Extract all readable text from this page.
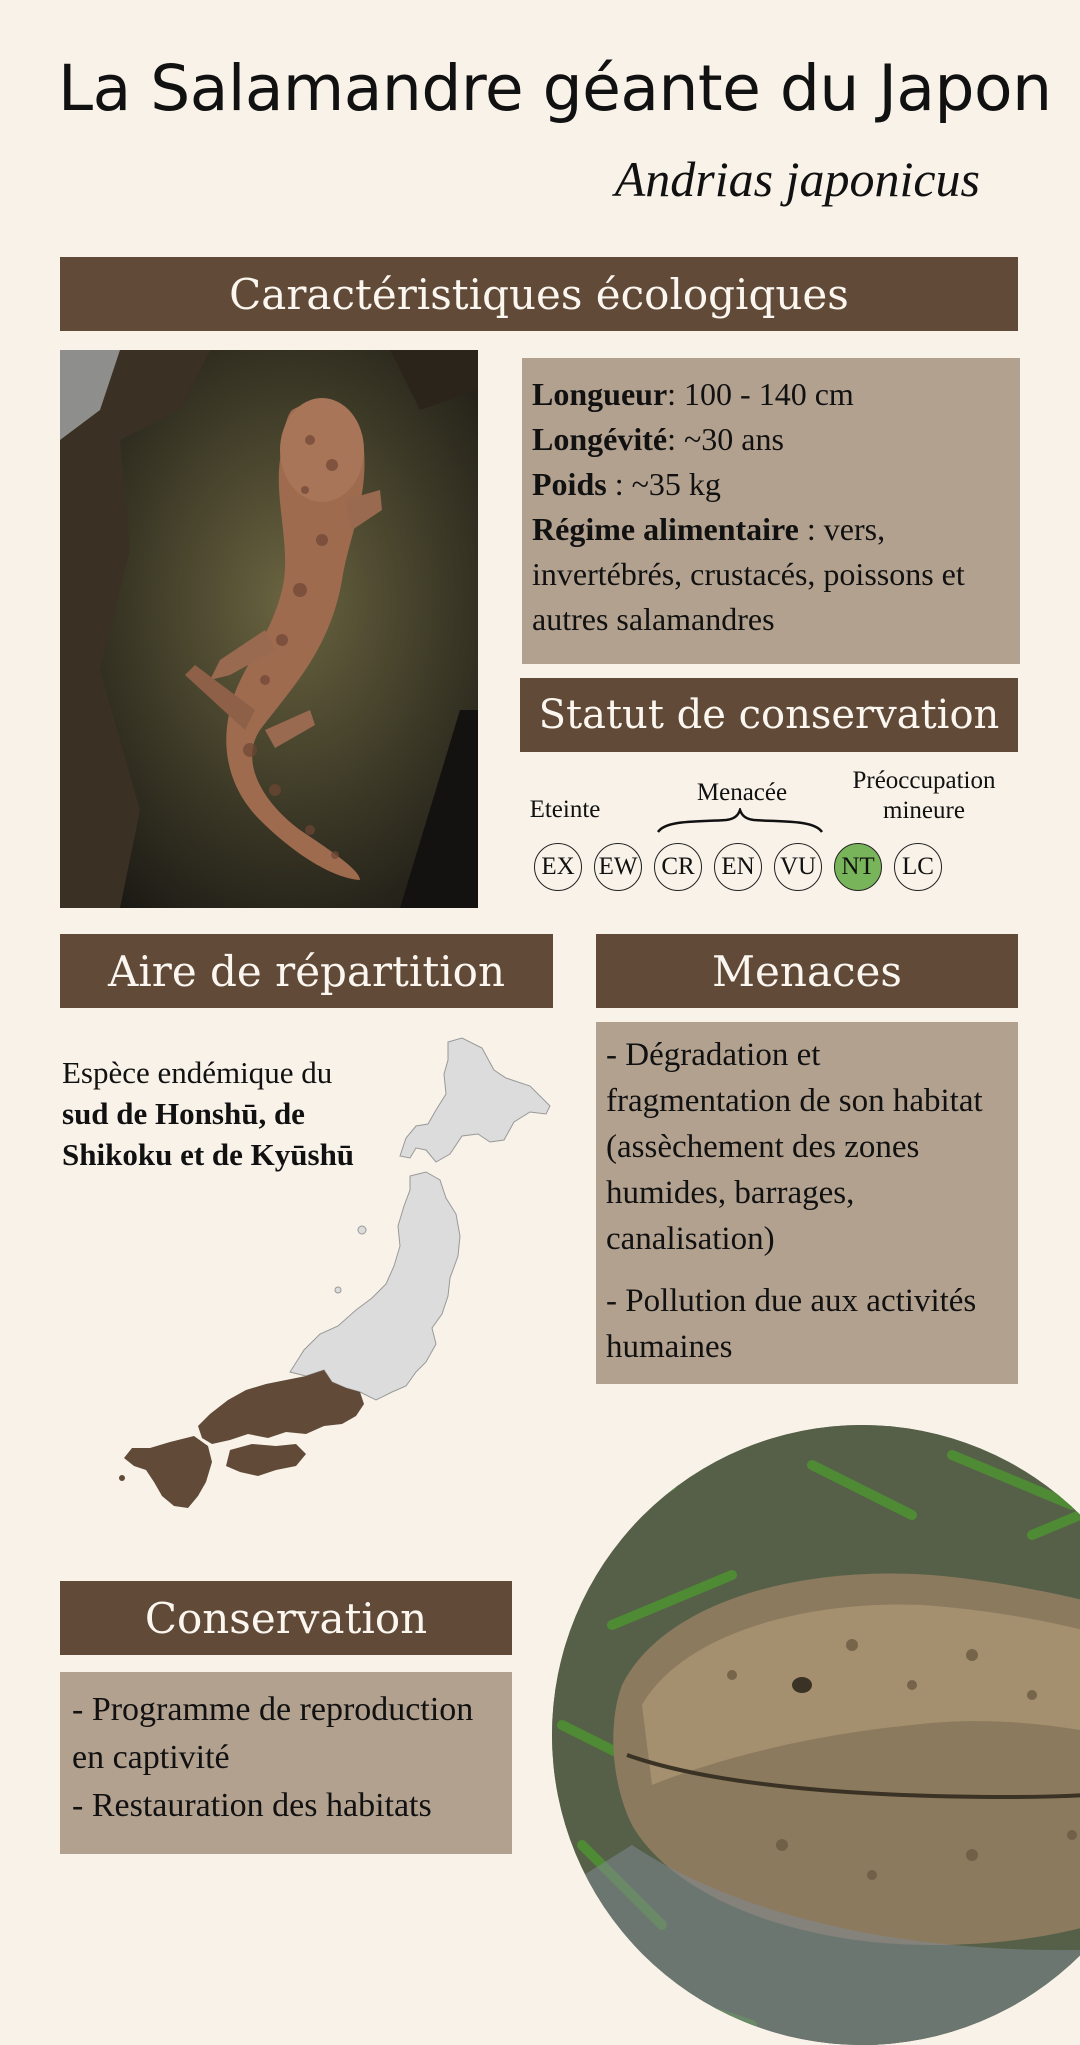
La Salamandre géante du Japon
Andrias japonicus
Caractéristiques écologiques
Longueur: 100 - 140 cm
Longévité: ~30 ans
Poids : ~35 kg
Régime alimentaire : vers, invertébrés, crustacés, poissons et autres salamandres
Statut de conservation
Eteinte
Menacée	Préoccupation mineure
EX EW CR EN VU NT	LC
Aire de répartition
Espèce endémique du
sud de Honshū, de Shikoku et de Kyūshū
Menaces

- Dégradation et fragmentation de son habitat (assèchement des zones humides, barrages, canalisation)

- Pollution due aux activités humaines

Conservation

- Programme de reproduction en captivité

- Restauration des habitats
